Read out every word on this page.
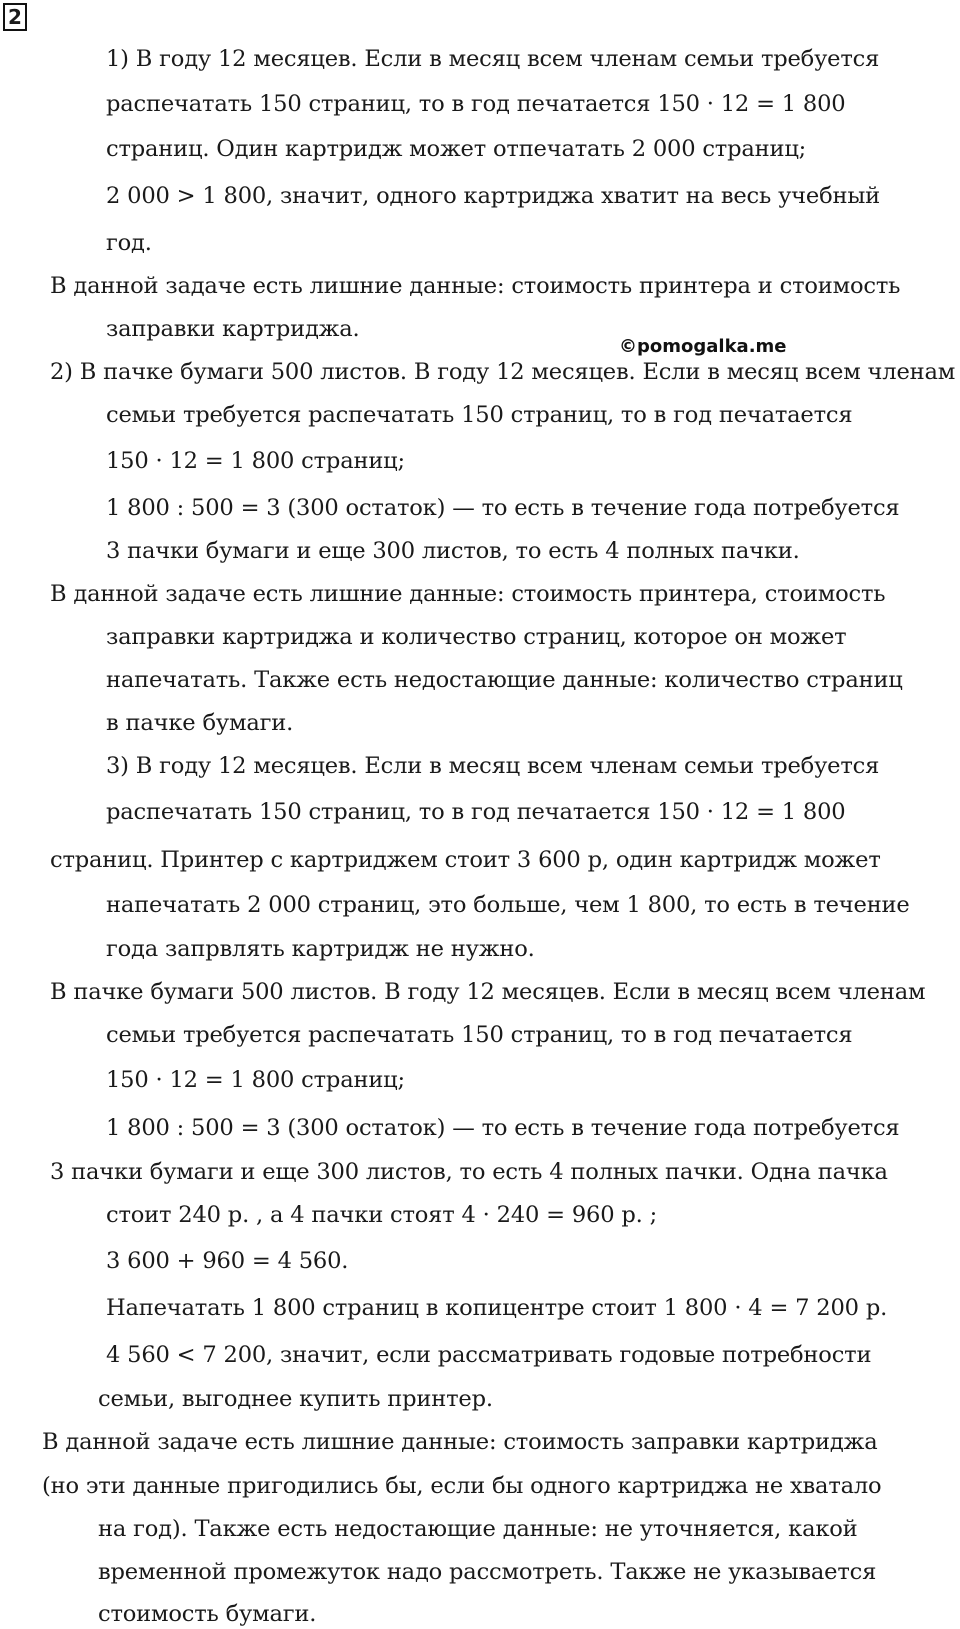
2
©pomogalka.me
1) В году 12 месяцев. Если в месяц всем членам семьи требуется
распечатать 150 страниц, то в год печатается 150 · 12 = 1 800
страниц. Один картридж может отпечатать 2 000 страниц;
2 000 > 1 800, значит, одного картриджа хватит на весь учебный
год.
В данной задаче есть лишние данные: стоимость принтера и стоимость
заправки картриджа.
2) В пачке бумаги 500 листов. В году 12 месяцев. Если в месяц всем членам
семьи требуется распечатать 150 страниц, то в год печатается
150 · 12 = 1 800 страниц;
1 800 : 500 = 3 (300 остаток) — то есть в течение года потребуется
3 пачки бумаги и еще 300 листов, то есть 4 полных пачки.
В данной задаче есть лишние данные: стоимость принтера, стоимость
заправки картриджа и количество страниц, которое он может
напечатать. Также есть недостающие данные: количество страниц
в пачке бумаги.
3) В году 12 месяцев. Если в месяц всем членам семьи требуется
распечатать 150 страниц, то в год печатается 150 · 12 = 1 800
страниц. Принтер с картриджем стоит 3 600 р, один картридж может
напечатать 2 000 страниц, это больше, чем 1 800, то есть в течение
года запрвлять картридж не нужно.
В пачке бумаги 500 листов. В году 12 месяцев. Если в месяц всем членам
семьи требуется распечатать 150 страниц, то в год печатается
150 · 12 = 1 800 страниц;
1 800 : 500 = 3 (300 остаток) — то есть в течение года потребуется
3 пачки бумаги и еще 300 листов, то есть 4 полных пачки. Одна пачка
стоит 240 р. , а 4 пачки стоят 4 · 240 = 960 р. ;
3 600 + 960 = 4 560.
Напечатать 1 800 страниц в копицентре стоит 1 800 · 4 = 7 200 р.
4 560 < 7 200, значит, если рассматривать годовые потребности
семьи, выгоднее купить принтер.
В данной задаче есть лишние данные: стоимость заправки картриджа
(но эти данные пригодились бы, если бы одного картриджа не хватало
на год). Также есть недостающие данные: не уточняется, какой
временной промежуток надо рассмотреть. Также не указывается
стоимость бумаги.
